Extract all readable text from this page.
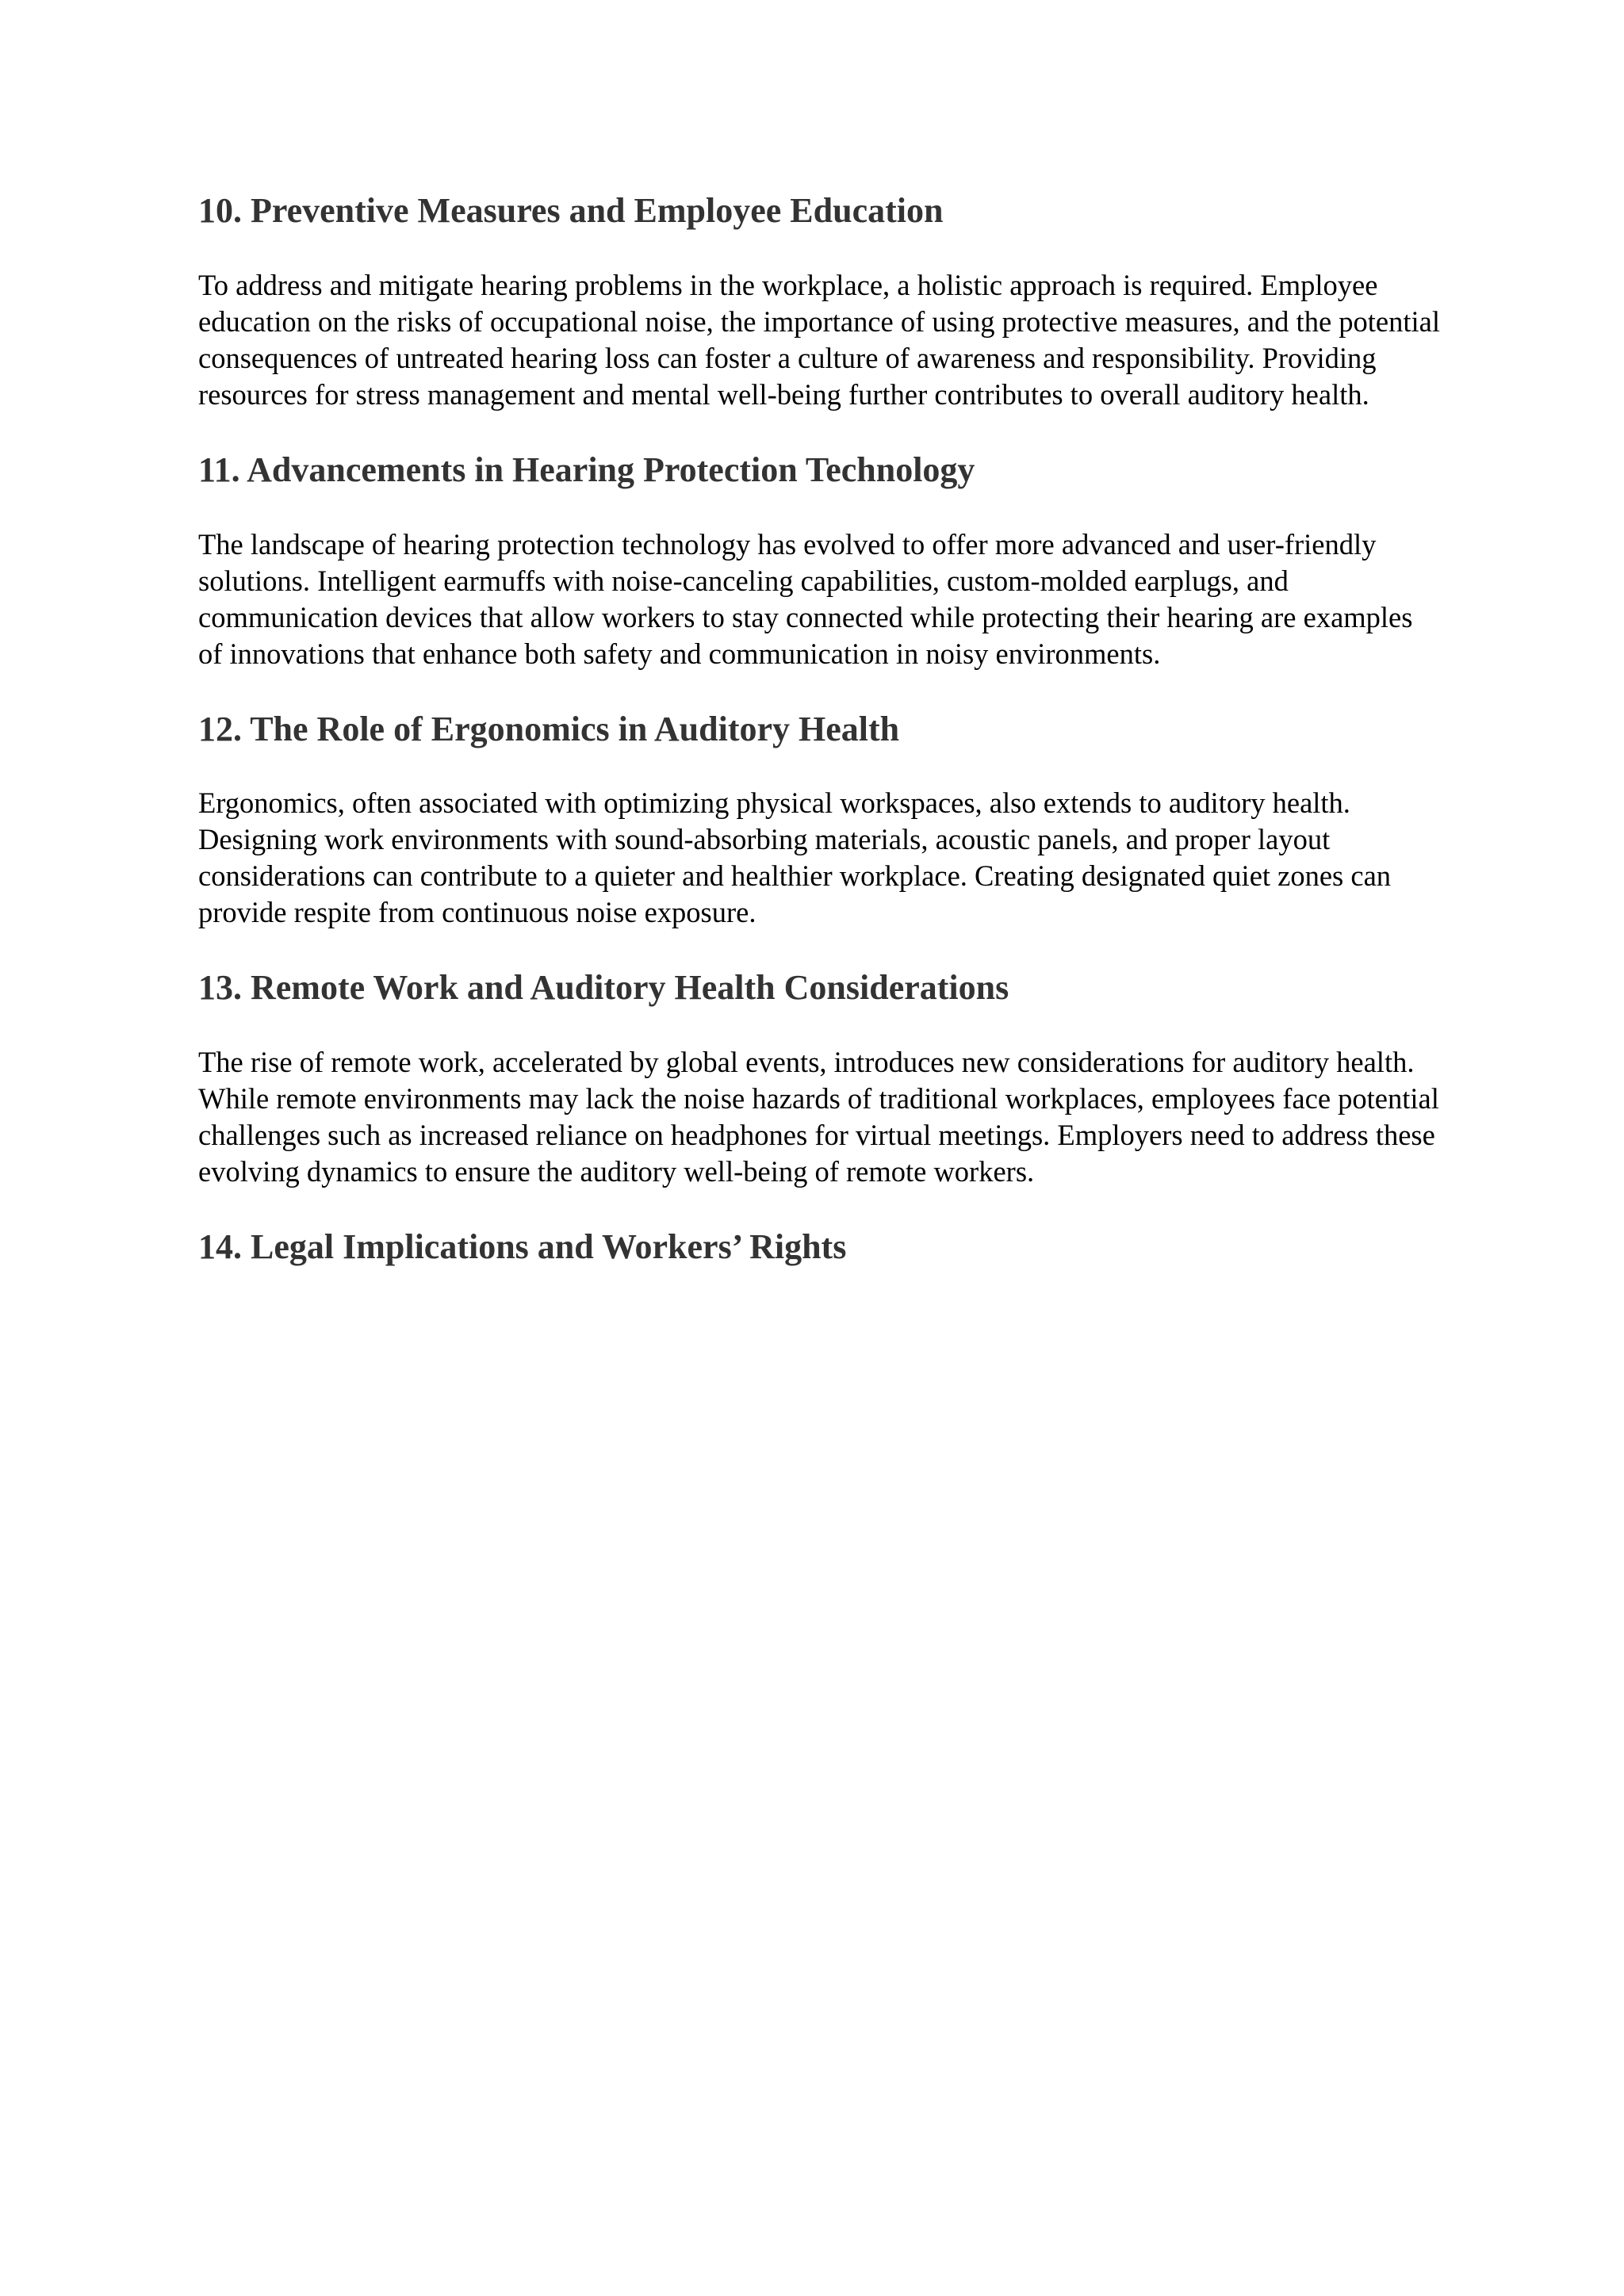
10. Preventive Measures and Employee Education

To address and mitigate hearing problems in the workplace, a holistic approach is required. Employee education on the risks of occupational noise, the importance of using protective measures, and the potential consequences of untreated hearing loss can foster a culture of awareness and responsibility. Providing resources for stress management and mental well-being further contributes to overall auditory health.

11. Advancements in Hearing Protection Technology

The landscape of hearing protection technology has evolved to offer more advanced and user-friendly solutions. Intelligent earmuffs with noise-canceling capabilities, custom-molded earplugs, and communication devices that allow workers to stay connected while protecting their hearing are examples of innovations that enhance both safety and communication in noisy environments.

12. The Role of Ergonomics in Auditory Health

Ergonomics, often associated with optimizing physical workspaces, also extends to auditory health. Designing work environments with sound-absorbing materials, acoustic panels, and proper layout considerations can contribute to a quieter and healthier workplace. Creating designated quiet zones can provide respite from continuous noise exposure.

13. Remote Work and Auditory Health Considerations

The rise of remote work, accelerated by global events, introduces new considerations for auditory health. While remote environments may lack the noise hazards of traditional workplaces, employees face potential challenges such as increased reliance on headphones for virtual meetings. Employers need to address these evolving dynamics to ensure the auditory well-being of remote workers.

14. Legal Implications and Workers’ Rights
